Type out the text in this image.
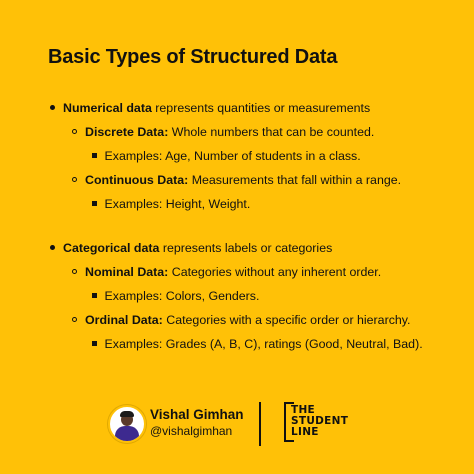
Basic Types of Structured Data
Numerical data represents quantities or measurements
Discrete Data: Whole numbers that can be counted.
Examples: Age, Number of students in a class.
Continuous Data: Measurements that fall within a range.
Examples: Height, Weight.
Categorical data represents labels or categories
Nominal Data: Categories without any inherent order.
Examples: Colors, Genders.
Ordinal Data: Categories with a specific order or hierarchy.
Examples: Grades (A, B, C), ratings (Good, Neutral, Bad).
Vishal Gimhan
@vishalgimhan
THE
STUDENT
LINE
